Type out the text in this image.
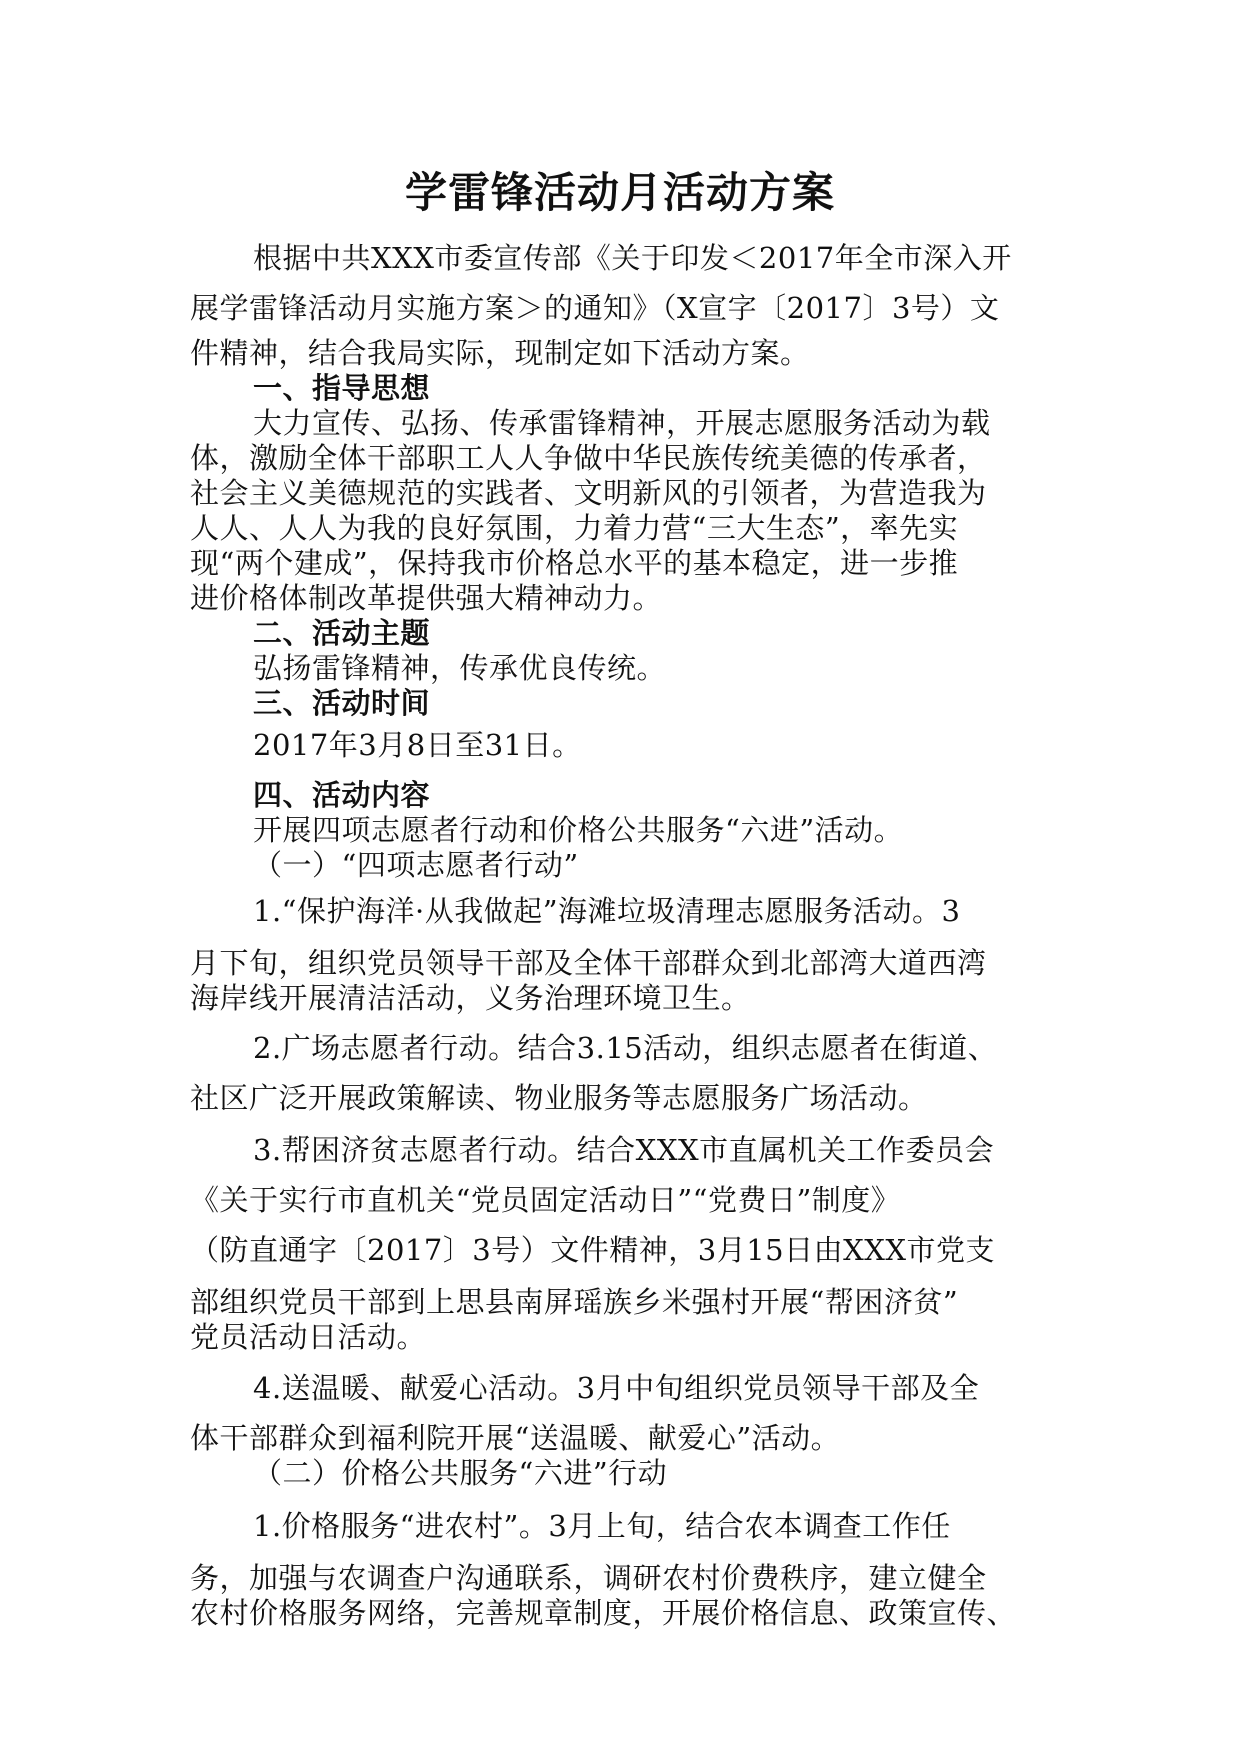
学雷锋活动月活动方案
根据中共XXX市委宣传部《关于印发＜2017年全市深入开
展学雷锋活动月实施方案＞的通知》（X宣字〔2017〕3号）文
件精神，结合我局实际，现制定如下活动方案。
一、指导思想
大力宣传、弘扬、传承雷锋精神，开展志愿服务活动为载
体，激励全体干部职工人人争做中华民族传统美德的传承者，
社会主义美德规范的实践者、文明新风的引领者，为营造我为
人人、人人为我的良好氛围，力着力营“三大生态”，率先实
现“两个建成”，保持我市价格总水平的基本稳定，进一步推
进价格体制改革提供强大精神动力。
二、活动主题
弘扬雷锋精神，传承优良传统。
三、活动时间
2017年3月8日至31日。
四、活动内容
开展四项志愿者行动和价格公共服务“六进”活动。
（一）“四项志愿者行动”
1.“保护海洋·从我做起”海滩垃圾清理志愿服务活动。3
月下旬，组织党员领导干部及全体干部群众到北部湾大道西湾
海岸线开展清洁活动，义务治理环境卫生。
2.广场志愿者行动。结合3.15活动，组织志愿者在街道、
社区广泛开展政策解读、物业服务等志愿服务广场活动。
3.帮困济贫志愿者行动。结合XXX市直属机关工作委员会
《关于实行市直机关“党员固定活动日”“党费日”制度》
（防直通字〔2017〕3号）文件精神，3月15日由XXX市党支
部组织党员干部到上思县南屏瑶族乡米强村开展“帮困济贫”
党员活动日活动。
4.送温暖、献爱心活动。3月中旬组织党员领导干部及全
体干部群众到福利院开展“送温暖、献爱心”活动。
（二）价格公共服务“六进”行动
1.价格服务“进农村”。3月上旬，结合农本调查工作任
务，加强与农调查户沟通联系，调研农村价费秩序，建立健全
农村价格服务网络，完善规章制度，开展价格信息、政策宣传、
